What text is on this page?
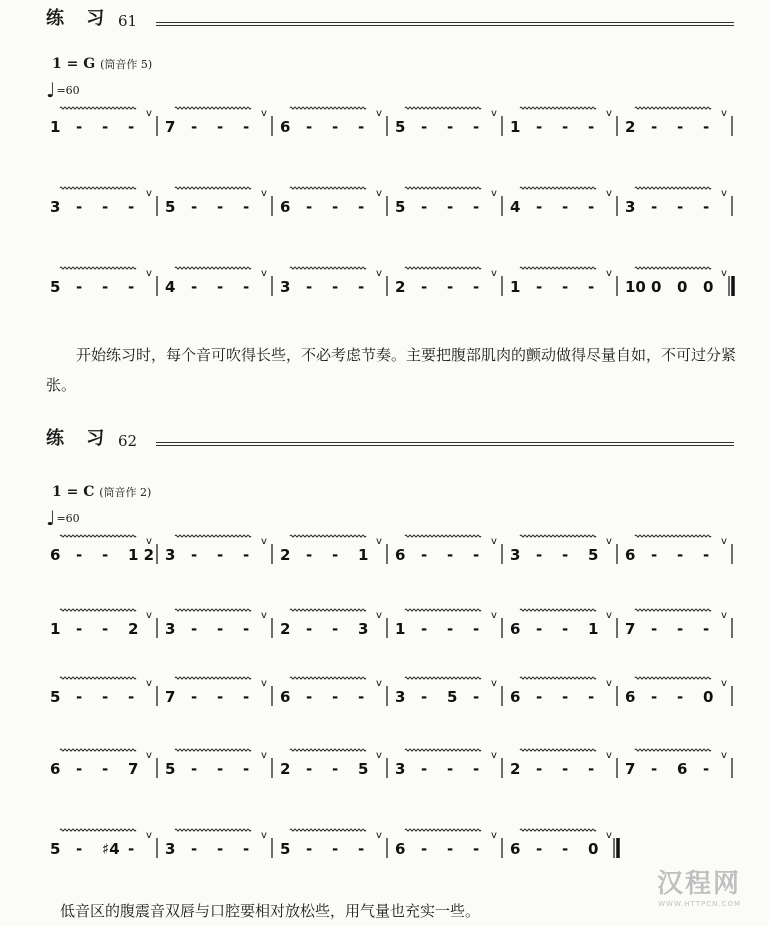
练 习 61
1 = G (筒音作 5)
♩=60
v
1 - - -
v
7 - - -
v
6 - - -
v
5 - - -
v
1 - - -
v
2 - - -
v
3 - - -
v
5 - - -
v
6 - - -
v
5 - - -
v
4 - - -
v
3 - - -
v
5 - - -
v
4 - - -
v
3 - - -
v
2 - - -
v
1 - - -
v
10 0 0 0
开始练习时，每个音可吹得长些，不必考虑节奏。主要把腹部肌肉的颤动做得尽量自如，不可过分紧张。
练 习 62
1 = C (筒音作 2)
♩=60
v
6 - - 1 2
v
3 - - -
v
2 - - 1
v
6 - - -
v
3 - - 5
v
6 - - -
v
1 - - 2
v
3 - - -
v
2 - - 3
v
1 - - -
v
6 - - 1
v
7 - - -
v
5 - - -
v
7 - - -
v
6 - - -
v
3 - 5 -
v
6 - - -
v
6 - - 0
v
6 - - 7
v
5 - - -
v
2 - - 5
v
3 - - -
v
2 - - -
v
7 - 6 -
v
5 - ♯4 -
v
3 - - -
v
5 - - -
v
6 - - -
v
6 - - 0
低音区的腹震音双唇与口腔要相对放松些，用气量也充实一些。
汉程网
WWW.HTTPCN.COM
